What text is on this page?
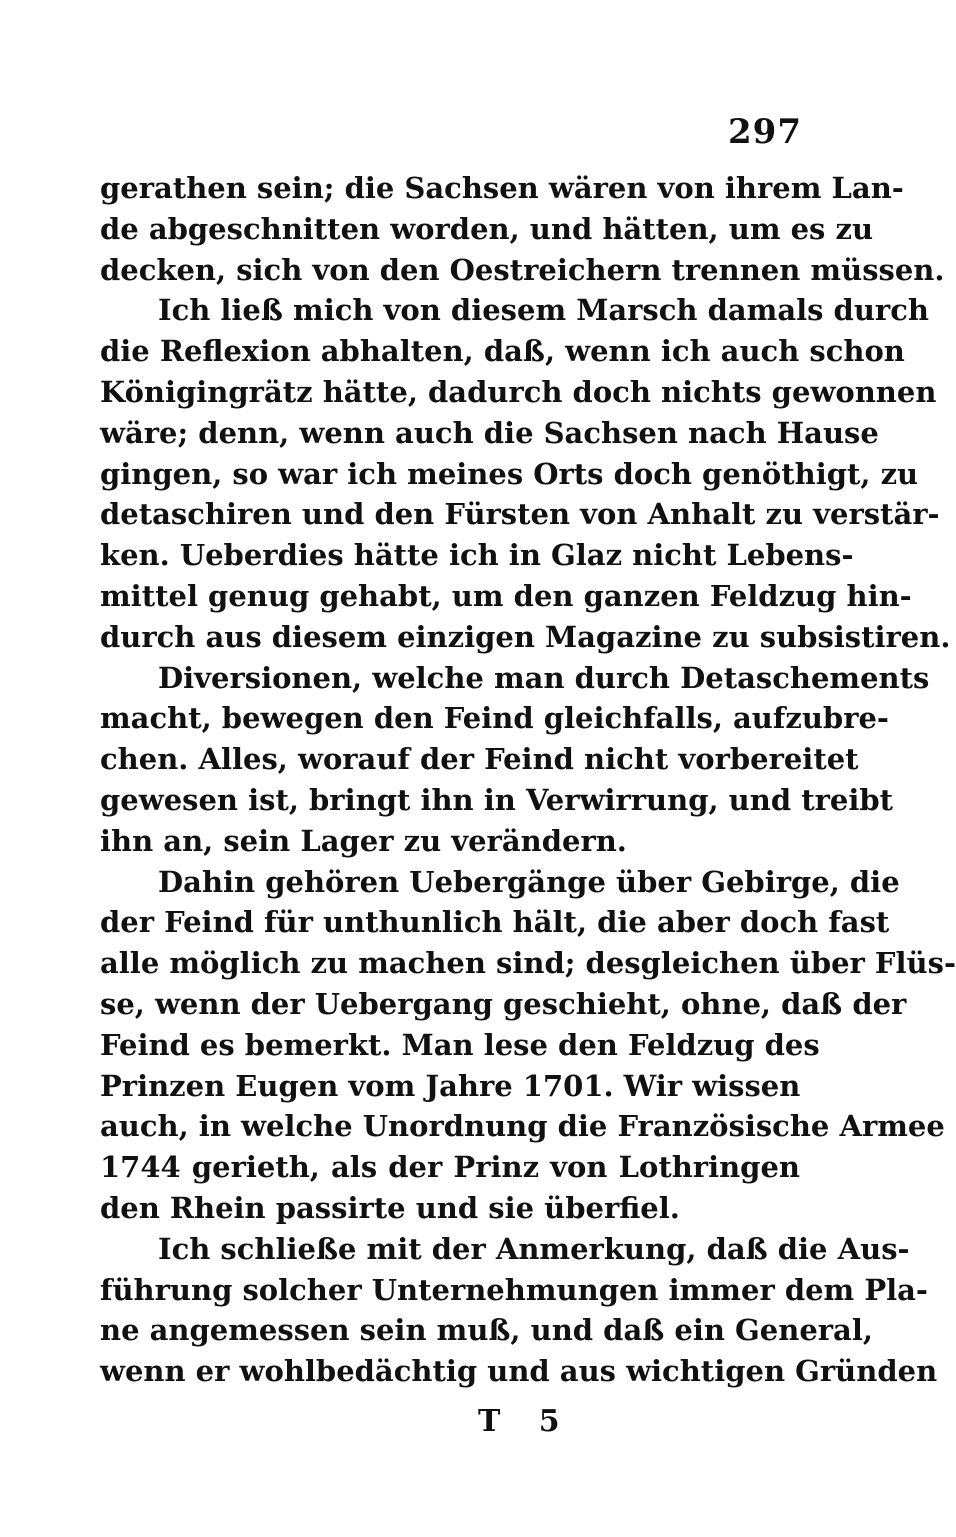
297
gerathen sein; die Sachsen wären von ihrem Lan-
de abgeschnitten worden, und hätten, um es zu
decken, sich von den Oestreichern trennen müssen.
Ich ließ mich von diesem Marsch damals durch
die Reflexion abhalten, daß, wenn ich auch schon
Königingrätz hätte, dadurch doch nichts gewonnen
wäre; denn, wenn auch die Sachsen nach Hause
gingen, so war ich meines Orts doch genöthigt, zu
detaschiren und den Fürsten von Anhalt zu verstär-
ken. Ueberdies hätte ich in Glaz nicht Lebens-
mittel genug gehabt, um den ganzen Feldzug hin-
durch aus diesem einzigen Magazine zu subsistiren.
Diversionen, welche man durch Detaschements
macht, bewegen den Feind gleichfalls, aufzubre-
chen. Alles, worauf der Feind nicht vorbereitet
gewesen ist, bringt ihn in Verwirrung, und treibt
ihn an, sein Lager zu verändern.
Dahin gehören Uebergänge über Gebirge, die
der Feind für unthunlich hält, die aber doch fast
alle möglich zu machen sind; desgleichen über Flüs-
se, wenn der Uebergang geschieht, ohne, daß der
Feind es bemerkt. Man lese den Feldzug des
Prinzen Eugen vom Jahre 1701. Wir wissen
auch, in welche Unordnung die Französische Armee
1744 gerieth, als der Prinz von Lothringen
den Rhein passirte und sie überfiel.
Ich schließe mit der Anmerkung, daß die Aus-
führung solcher Unternehmungen immer dem Pla-
ne angemessen sein muß, und daß ein General,
wenn er wohlbedächtig und aus wichtigen Gründen
T 5
